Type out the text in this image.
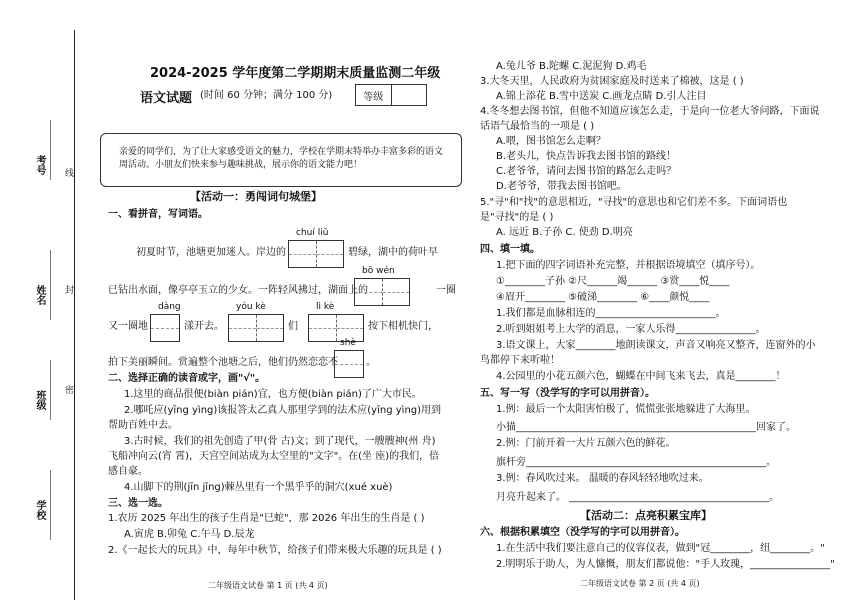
考号
姓名
班级
学校
线
封
密
2024-2025 学年度第二学期期末质量监测二年级
语文试题 (时间 60 分钟；满分 100 分)	等级
亲爱的同学们，为了让大家感受语文的魅力，学校在学期末特举办丰富多彩的语文周活动。小朋友们快来参与趣味挑战，展示你的语文能力吧！
【活动一：勇闯词句城堡】
一、看拼音，写词语。
chuí liǔ
初夏时节，池塘更加迷人。岸边的	碧绿，湖中的荷叶早
bō wén
已钻出水面，像亭亭玉立的少女。一阵轻风拂过，湖面上的	一圈
dàng	yóu kè	lì kè
又一圈地	漾开去。	们	按下相机快门，
shè
拍下美丽瞬间。赏遍整个池塘之后，他们仍然恋恋不	。
二、选择正确的读音或字，画"√"。
1.这里的商品很便(biàn pián)宜，也方便(biàn pián)了广大市民。
2.哪吒应(yīng yìng)该报答太乙真人那里学到的法术应(yīng yìng)用到
帮助百姓中去。
3.古时候，我们的祖先创造了甲(骨 古)文；到了现代，一艘艘神(州 舟)
飞船冲向云(宵 霄)，天宫空间站成为太空里的"文字"。在(坐 座)的我们，倍
感自豪。
4.山脚下的荆(jīn jīng)棘丛里有一个黑乎乎的洞穴(xué xuè)
三、选一选。
1.农历 2025 年出生的孩子生肖是"巳蛇"，那 2026 年出生的生肖是 ( )
A.寅虎 B.卯兔 C.午马 D.辰龙
2.《一起长大的玩具》中，每年中秋节，给孩子们带来极大乐趣的玩具是 ( )
二年级语文试卷 第 1 页 (共 4 页)
A.兔儿爷 B.陀螺 C.泥泥狗 D.鸡毛
3.大冬天里，人民政府为贫困家庭及时送来了棉被，这是 ( )
A.锦上添花 B.雪中送炭 C.画龙点睛 D.引人注目
4.冬冬想去图书馆，但他不知道应该怎么走，于是向一位老大爷问路，下面说
话语气最恰当的一项是 ( )
A.喂，图书馆怎么走啊？
B.老头儿，快点告诉我去图书馆的路线！
C.老爷爷，请问去图书馆的路怎么走吗？
D.老爷爷，带我去图书馆吧。
5."寻"和"找"的意思相近，"寻找"的意思也和它们差不多。下面词语也
是"寻找"的是 ( )
A. 远近 B.子孙 C. 使劲 D.明亮
四、填一填。
1.把下面的四字词语补充完整，并根据语境填空（填序号）。
①________子孙 ②尺______竭______ ③赏____悦____
④眉开________ ⑤破涕________ ⑥____颜悦____
1.我们都是血脉相连的________________________。
2.听到姐姐考上大学的消息，一家人乐得________________。
3.语文课上，大家________地朗读课文，声音又响亮又整齐，连窗外的小
鸟都停下来听啦！
4.公园里的小花五颜六色，蝴蝶在中间飞来飞去，真是________！
五、写一写（没学写的字可以用拼音）。
1.例：最后一个太阳害怕极了，慌慌张张地躲进了大海里。
小猫________________________________________________回家了。
2.例：门前开着一大片五颜六色的鲜花。
旗杆旁________________________________________________。
3.例：春风吹过来。 温暖的春风轻轻地吹过来。
月亮升起来了。 ________________________________________。
【活动二：点亮积累宝库】
六、根据积累填空（没学写的字可以用拼音）。
1.在生活中我们要注意自己的仪容仪表，做到"冠________，纽________。"
2.明明乐于助人，为人慷慨，朋友们都说他："手人玫瑰，________________"
二年级语文试卷 第 2 页 (共 4 页)
